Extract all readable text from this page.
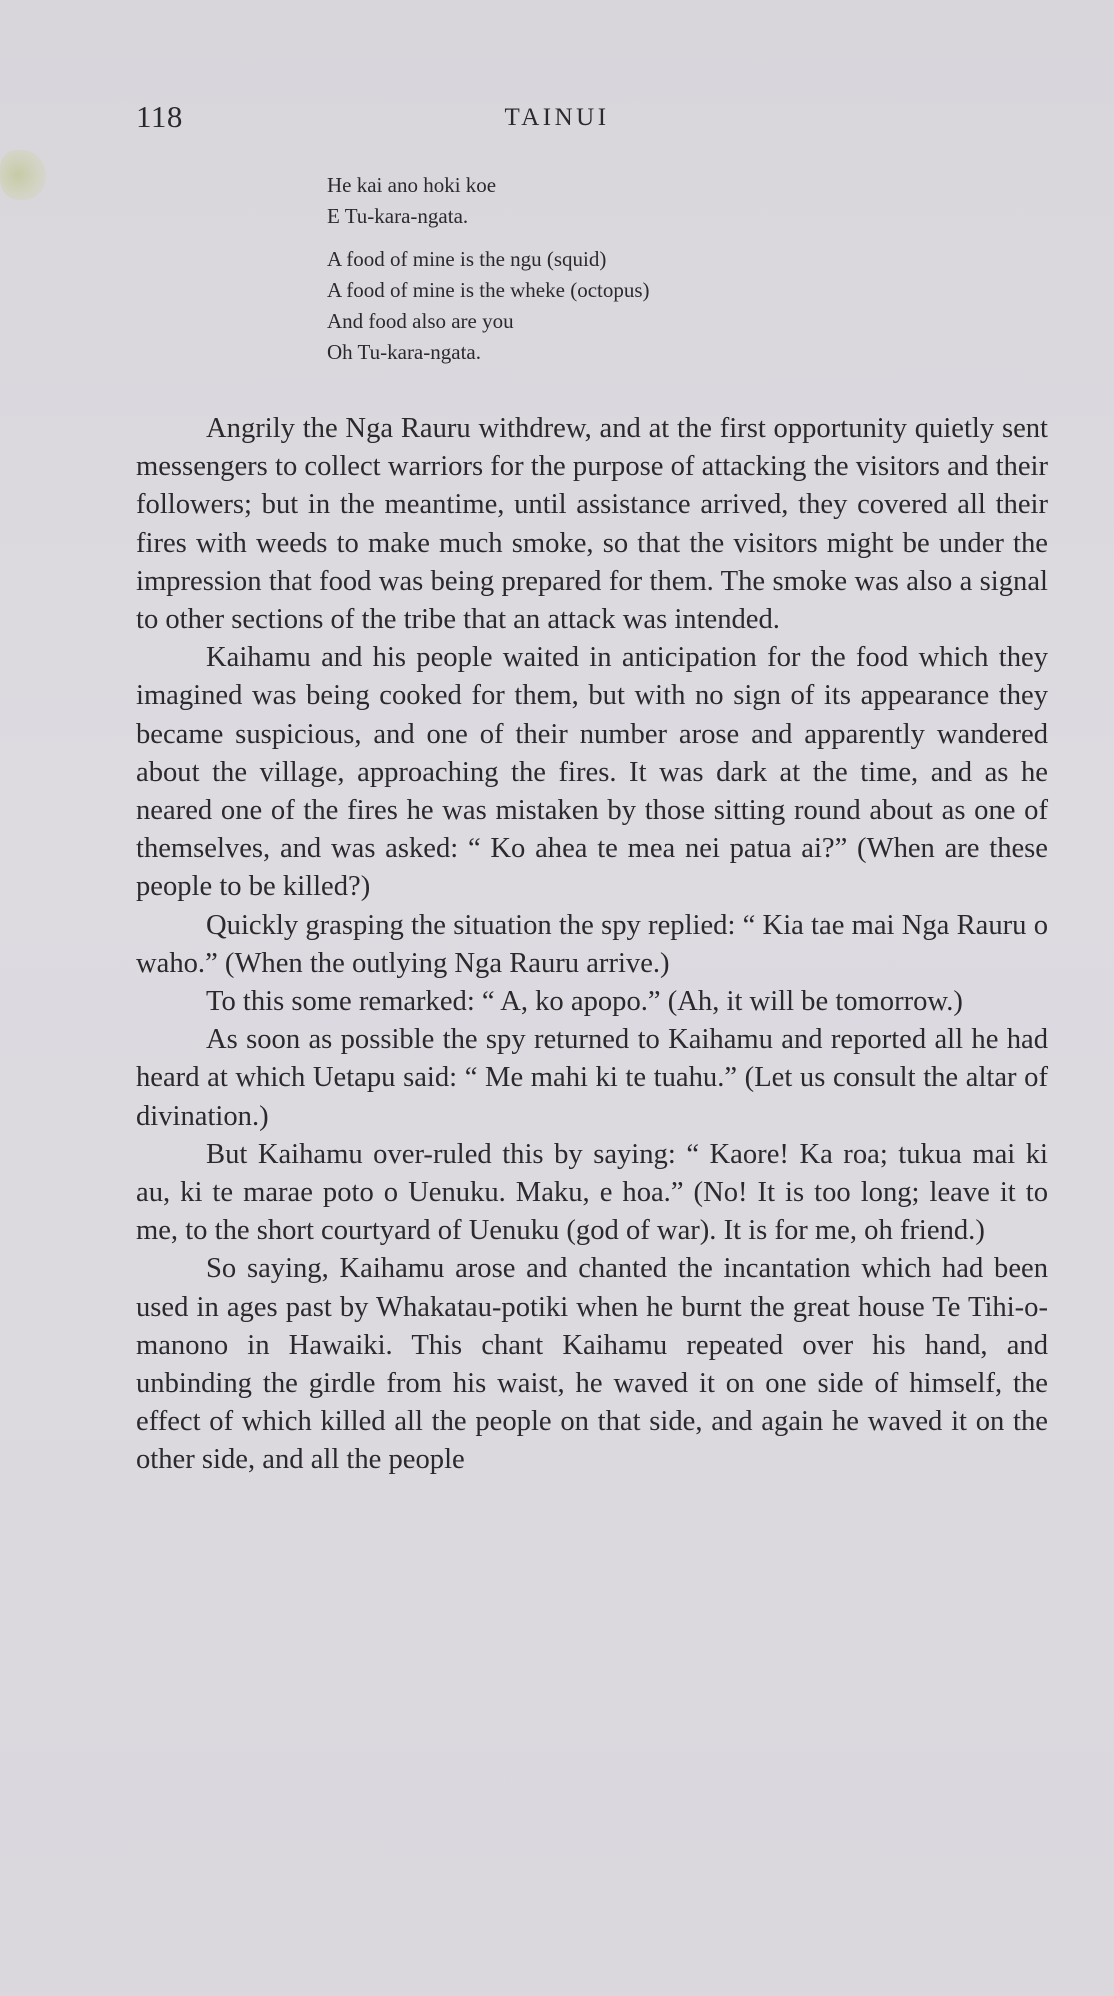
118	TAINUI
He kai ano hoki koe
E Tu-kara-ngata.
A food of mine is the ngu (squid)
A food of mine is the wheke (octopus)
And food also are you
Oh Tu-kara-ngata.

Angrily the Nga Rauru withdrew, and at the first opportunity quietly sent messengers to collect warriors for the purpose of attacking the visitors and their followers; but in the meantime, until assistance arrived, they covered all their fires with weeds to make much smoke, so that the visitors might be under the impression that food was being prepared for them. The smoke was also a signal to other sections of the tribe that an attack was intended.

Kaihamu and his people waited in anticipation for the food which they imagined was being cooked for them, but with no sign of its appearance they became suspicious, and one of their number arose and apparently wandered about the village, approaching the fires. It was dark at the time, and as he neared one of the fires he was mistaken by those sitting round about as one of themselves, and was asked: “ Ko ahea te mea nei patua ai?” (When are these people to be killed?)

Quickly grasping the situation the spy replied: “ Kia tae mai Nga Rauru o waho.” (When the outlying Nga Rauru arrive.)

To this some remarked: “ A, ko apopo.” (Ah, it will be tomorrow.)

As soon as possible the spy returned to Kaihamu and reported all he had heard at which Uetapu said: “ Me mahi ki te tuahu.” (Let us consult the altar of divination.)

But Kaihamu over-ruled this by saying: “ Kaore! Ka roa; tukua mai ki au, ki te marae poto o Uenuku. Maku, e hoa.” (No! It is too long; leave it to me, to the short courtyard of Uenuku (god of war). It is for me, oh friend.)

So saying, Kaihamu arose and chanted the incantation which had been used in ages past by Whakatau-potiki when he burnt the great house Te Tihi-o-manono in Hawaiki. This chant Kaihamu repeated over his hand, and unbinding the girdle from his waist, he waved it on one side of himself, the effect of which killed all the people on that side, and again he waved it on the other side, and all the people
